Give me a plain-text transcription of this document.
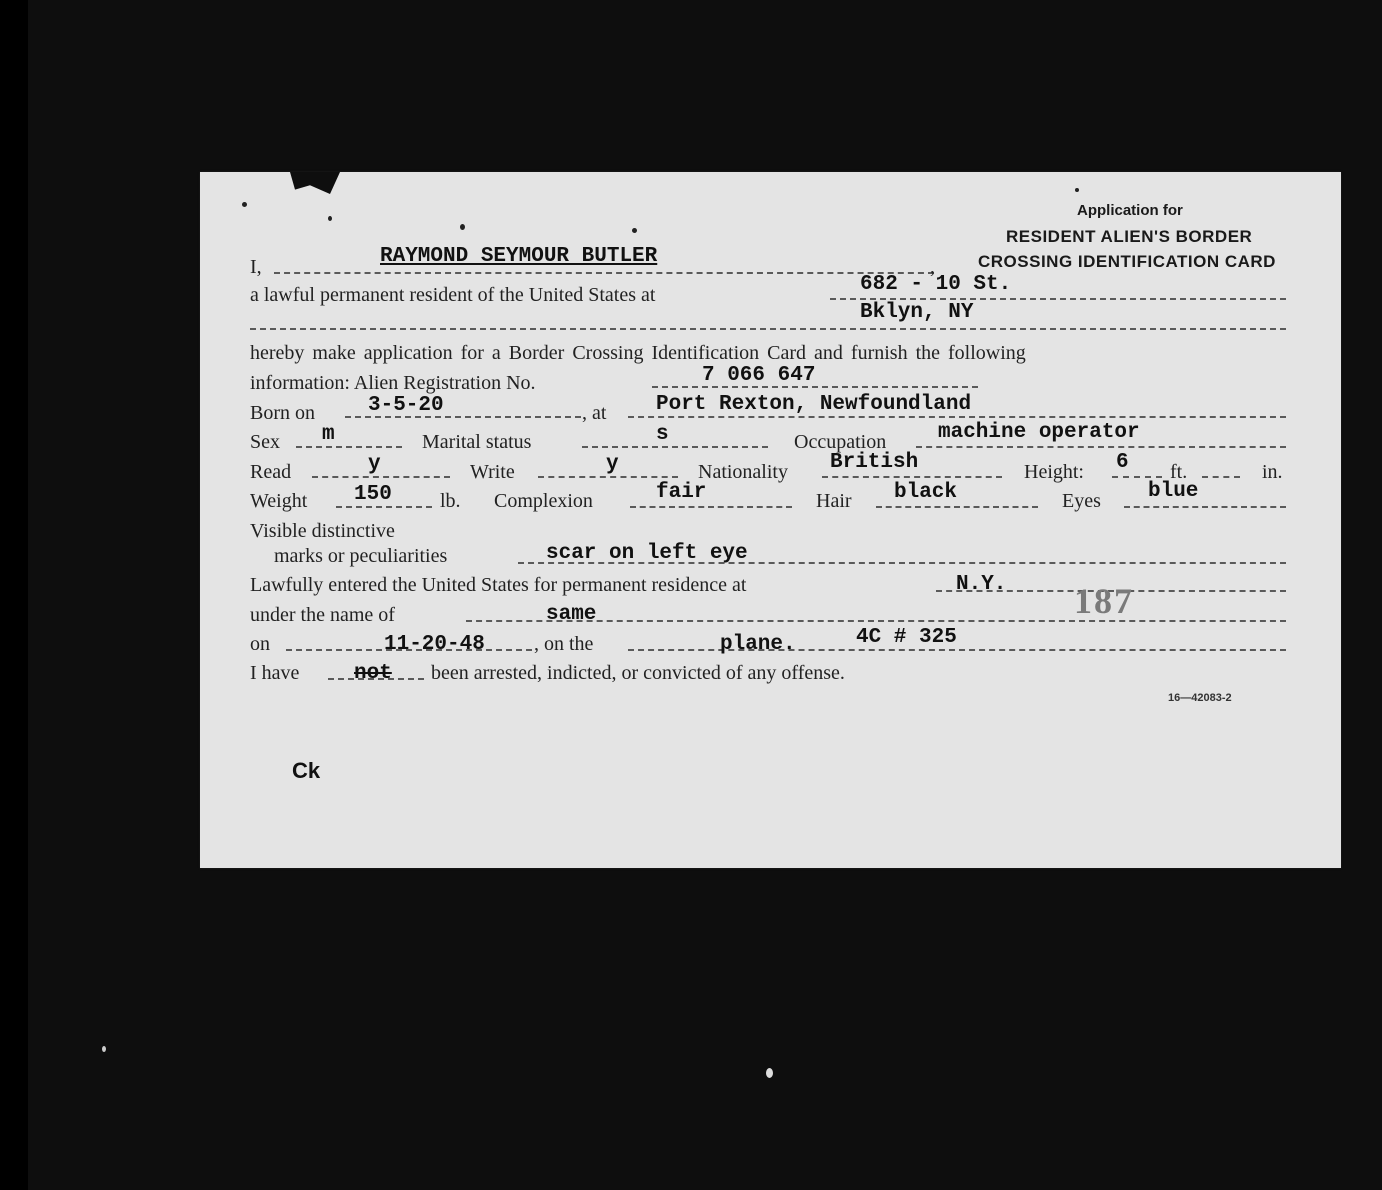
Application for
RESIDENT ALIEN'S BORDER
CROSSING IDENTIFICATION CARD
I,	RAYMOND SEYMOUR BUTLER	,
a lawful permanent resident of the United States at	682 - 10 St.
Bklyn, NY
hereby make application for a Border Crossing Identification Card and furnish the following
information: Alien Registration No.	7 066 647
Born on	3-5-20	, at Port Rexton, Newfoundland
Sex m	Marital status	s	Occupation machine operator
Read	y	Write	y	Nationality British	Height: 6 ft.	in.
Weight 150 lb. Complexion	fair	Hair black	Eyes blue
Visible distinctive
marks or peculiarities	scar on left eye
Lawfully entered the United States for permanent residence at	N.Y. 187
under the name of	same
on	11-20-48 , on the	plane.	4C # 325
I have	not been arrested, indicted, or convicted of any offense.
16—42083-2
Ck
